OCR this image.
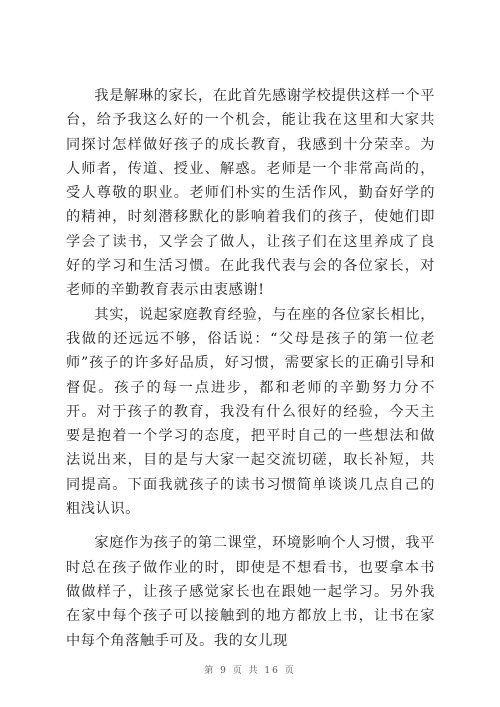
我是解琳的家长，在此首先感谢学校提供这样一个平台，给予我这么好的一个机会，能让我在这里和大家共同探讨怎样做好孩子的成长教育，我感到十分荣幸。为人师者，传道、授业、解惑。老师是一个非常高尚的，受人尊敬的职业。老师们朴实的生活作风，勤奋好学的的精神，时刻潜移默化的影响着我们的孩子，使她们即学会了读书，又学会了做人，让孩子们在这里养成了良好的学习和生活习惯。在此我代表与会的各位家长，对老师的辛勤教育表示由衷感谢!

其实，说起家庭教育经验，与在座的各位家长相比，我做的还远远不够，俗话说：“父母是孩子的第一位老师”孩子的许多好品质，好习惯，需要家长的正确引导和督促。孩子的每一点进步，都和老师的辛勤努力分不开。对于孩子的教育，我没有什么很好的经验，今天主要是抱着一个学习的态度，把平时自己的一些想法和做法说出来，目的是与大家一起交流切磋，取长补短，共同提高。下面我就孩子的读书习惯简单谈谈几点自己的粗浅认识。

家庭作为孩子的第二课堂，环境影响个人习惯，我平时总在孩子做作业的时，即使是不想看书，也要拿本书做做样子，让孩子感觉家长也在跟她一起学习。另外我在家中每个孩子可以接触到的地方都放上书，让书在家中每个角落触手可及。我的女儿现

第 9 页 共 16 页
